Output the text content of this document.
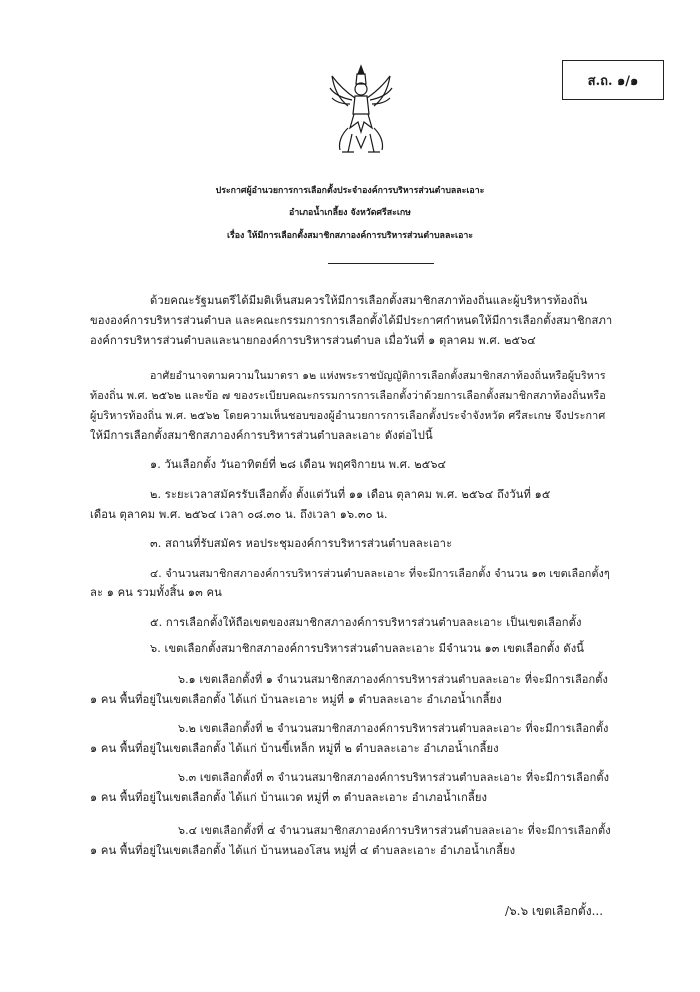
ส.ถ. ๑/๑
ประกาศผู้อำนวยการการเลือกตั้งประจำองค์การบริหารส่วนตำบลละเอาะ
อำเภอน้ำเกลี้ยง จังหวัดศรีสะเกษ
เรื่อง ให้มีการเลือกตั้งสมาชิกสภาองค์การบริหารส่วนตำบลละเอาะ
ด้วยคณะรัฐมนตรีได้มีมติเห็นสมควรให้มีการเลือกตั้งสมาชิกสภาท้องถิ่นและผู้บริหารท้องถิ่น
ขององค์การบริหารส่วนตำบล และคณะกรรมการการเลือกตั้งได้มีประกาศกำหนดให้มีการเลือกตั้งสมาชิกสภา
องค์การบริหารส่วนตำบลและนายกองค์การบริหารส่วนตำบล เมื่อวันที่ ๑ ตุลาคม พ.ศ. ๒๕๖๔
อาศัยอำนาจตามความในมาตรา ๑๒ แห่งพระราชบัญญัติการเลือกตั้งสมาชิกสภาท้องถิ่นหรือผู้บริหาร
ท้องถิ่น พ.ศ. ๒๕๖๒ และข้อ ๗ ของระเบียบคณะกรรมการการเลือกตั้งว่าด้วยการเลือกตั้งสมาชิกสภาท้องถิ่นหรือ
ผู้บริหารท้องถิ่น พ.ศ. ๒๕๖๒ โดยความเห็นชอบของผู้อำนวยการการเลือกตั้งประจำจังหวัด ศรีสะเกษ จึงประกาศ
ให้มีการเลือกตั้งสมาชิกสภาองค์การบริหารส่วนตำบลละเอาะ ดังต่อไปนี้
๑. วันเลือกตั้ง วันอาทิตย์ที่ ๒๘ เดือน พฤศจิกายน พ.ศ. ๒๕๖๔
๒. ระยะเวลาสมัครรับเลือกตั้ง ตั้งแต่วันที่ ๑๑ เดือน ตุลาคม พ.ศ. ๒๕๖๔ ถึงวันที่ ๑๕
เดือน ตุลาคม พ.ศ. ๒๕๖๔ เวลา ๐๘.๓๐ น. ถึงเวลา ๑๖.๓๐ น.
๓. สถานที่รับสมัคร หอประชุมองค์การบริหารส่วนตำบลละเอาะ
๔. จำนวนสมาชิกสภาองค์การบริหารส่วนตำบลละเอาะ ที่จะมีการเลือกตั้ง จำนวน ๑๓ เขตเลือกตั้งๆ
ละ ๑ คน รวมทั้งสิ้น ๑๓ คน
๕. การเลือกตั้งให้ถือเขตของสมาชิกสภาองค์การบริหารส่วนตำบลละเอาะ เป็นเขตเลือกตั้ง
๖. เขตเลือกตั้งสมาชิกสภาองค์การบริหารส่วนตำบลละเอาะ มีจำนวน ๑๓ เขตเลือกตั้ง ดังนี้
๖.๑ เขตเลือกตั้งที่ ๑ จำนวนสมาชิกสภาองค์การบริหารส่วนตำบลละเอาะ ที่จะมีการเลือกตั้ง
๑ คน พื้นที่อยู่ในเขตเลือกตั้ง ได้แก่ บ้านละเอาะ หมู่ที่ ๑ ตำบลละเอาะ อำเภอน้ำเกลี้ยง
๖.๒ เขตเลือกตั้งที่ ๒ จำนวนสมาชิกสภาองค์การบริหารส่วนตำบลละเอาะ ที่จะมีการเลือกตั้ง
๑ คน พื้นที่อยู่ในเขตเลือกตั้ง ได้แก่ บ้านขี้เหล็ก หมู่ที่ ๒ ตำบลละเอาะ อำเภอน้ำเกลี้ยง
๖.๓ เขตเลือกตั้งที่ ๓ จำนวนสมาชิกสภาองค์การบริหารส่วนตำบลละเอาะ ที่จะมีการเลือกตั้ง
๑ คน พื้นที่อยู่ในเขตเลือกตั้ง ได้แก่ บ้านแวด หมู่ที่ ๓ ตำบลละเอาะ อำเภอน้ำเกลี้ยง
๖.๔ เขตเลือกตั้งที่ ๔ จำนวนสมาชิกสภาองค์การบริหารส่วนตำบลละเอาะ ที่จะมีการเลือกตั้ง
๑ คน พื้นที่อยู่ในเขตเลือกตั้ง ได้แก่ บ้านหนองโสน หมู่ที่ ๔ ตำบลละเอาะ อำเภอน้ำเกลี้ยง
/๖.๖ เขตเลือกตั้ง...
